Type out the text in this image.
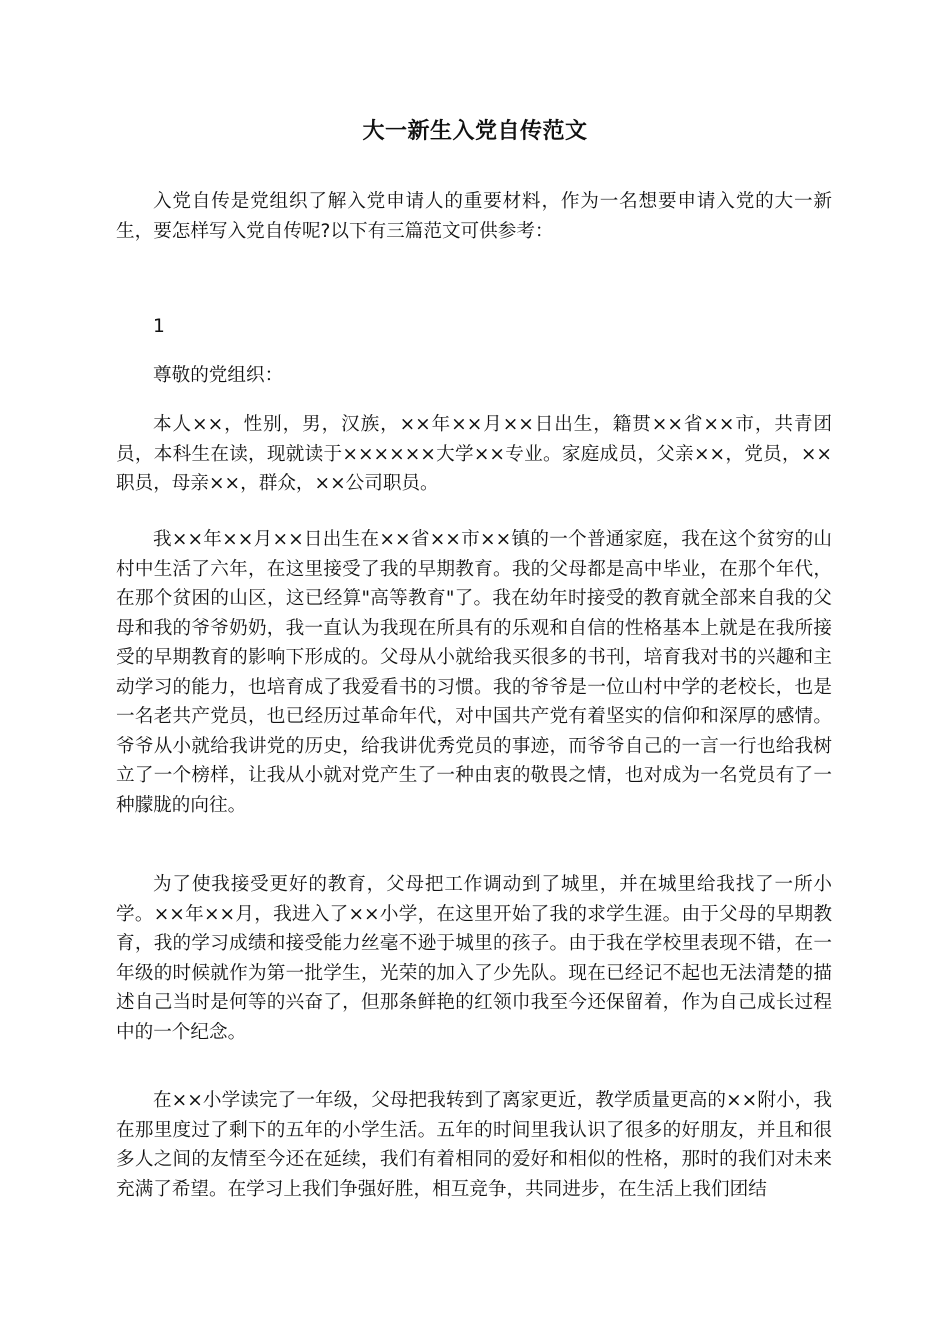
大一新生入党自传范文

入党自传是党组织了解入党申请人的重要材料，作为一名想要申请入党的大一新生，要怎样写入党自传呢?以下有三篇范文可供参考：

1

尊敬的党组织：

本人××，性别，男，汉族，××年××月××日出生，籍贯××省××市，共青团员，本科生在读，现就读于××××××大学××专业。家庭成员，父亲××，党员，××职员，母亲××，群众，××公司职员。

我××年××月××日出生在××省××市××镇的一个普通家庭，我在这个贫穷的山村中生活了六年，在这里接受了我的早期教育。我的父母都是高中毕业，在那个年代，在那个贫困的山区，这已经算"高等教育"了。我在幼年时接受的教育就全部来自我的父母和我的爷爷奶奶，我一直认为我现在所具有的乐观和自信的性格基本上就是在我所接受的早期教育的影响下形成的。父母从小就给我买很多的书刊，培育我对书的兴趣和主动学习的能力，也培育成了我爱看书的习惯。我的爷爷是一位山村中学的老校长，也是一名老共产党员，也已经历过革命年代，对中国共产党有着坚实的信仰和深厚的感情。爷爷从小就给我讲党的历史，给我讲优秀党员的事迹，而爷爷自己的一言一行也给我树立了一个榜样，让我从小就对党产生了一种由衷的敬畏之情，也对成为一名党员有了一种朦胧的向往。

为了使我接受更好的教育，父母把工作调动到了城里，并在城里给我找了一所小学。××年××月，我进入了××小学，在这里开始了我的求学生涯。由于父母的早期教育，我的学习成绩和接受能力丝毫不逊于城里的孩子。由于我在学校里表现不错，在一年级的时候就作为第一批学生，光荣的加入了少先队。现在已经记不起也无法清楚的描述自己当时是何等的兴奋了，但那条鲜艳的红领巾我至今还保留着，作为自己成长过程中的一个纪念。

在××小学读完了一年级，父母把我转到了离家更近，教学质量更高的××附小，我在那里度过了剩下的五年的小学生活。五年的时间里我认识了很多的好朋友，并且和很多人之间的友情至今还在延续，我们有着相同的爱好和相似的性格，那时的我们对未来充满了希望。在学习上我们争强好胜，相互竞争，共同进步，在生活上我们团结
